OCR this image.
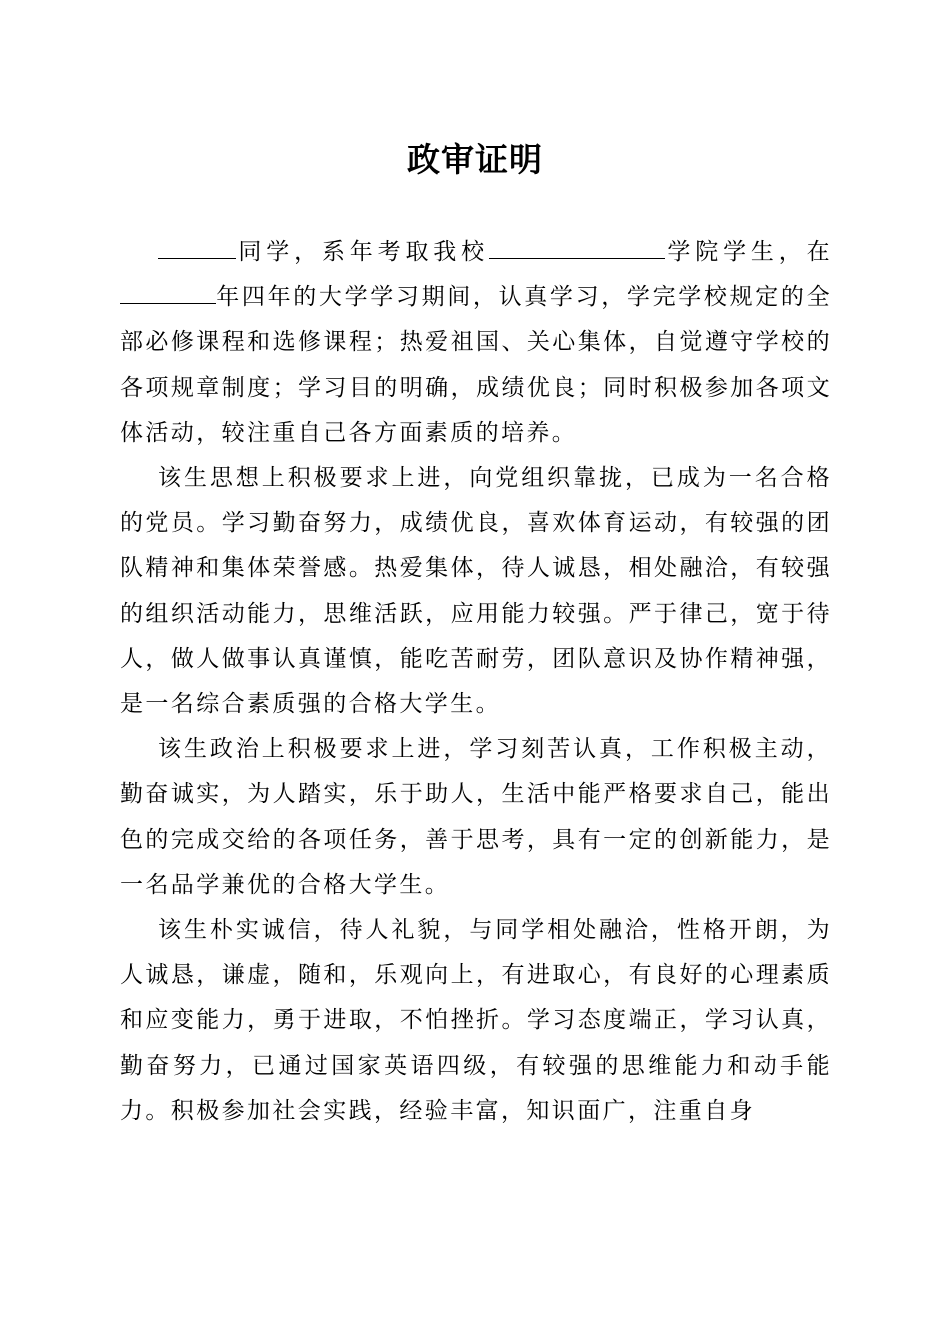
政审证明

同学，系年考取我校	学院学生，在年四年的大学学习期间，认真学习，学完学校规定的全部必修课程和选修课程；热爱祖国、关心集体，自觉遵守学校的各项规章制度；学习目的明确，成绩优良；同时积极参加各项文体活动，较注重自己各方面素质的培养。

该生思想上积极要求上进，向党组织靠拢，已成为一名合格的党员。学习勤奋努力，成绩优良，喜欢体育运动，有较强的团队精神和集体荣誉感。热爱集体，待人诚恳，相处融洽，有较强的组织活动能力，思维活跃，应用能力较强。严于律己，宽于待人，做人做事认真谨慎，能吃苦耐劳，团队意识及协作精神强，是一名综合素质强的合格大学生。

该生政治上积极要求上进，学习刻苦认真，工作积极主动，勤奋诚实，为人踏实，乐于助人，生活中能严格要求自己，能出色的完成交给的各项任务，善于思考，具有一定的创新能力，是一名品学兼优的合格大学生。

该生朴实诚信，待人礼貌，与同学相处融洽，性格开朗，为人诚恳，谦虚，随和，乐观向上，有进取心，有良好的心理素质和应变能力，勇于进取，不怕挫折。学习态度端正，学习认真，勤奋努力，已通过国家英语四级，有较强的思维能力和动手能力。积极参加社会实践，经验丰富，知识面广，注重自身
